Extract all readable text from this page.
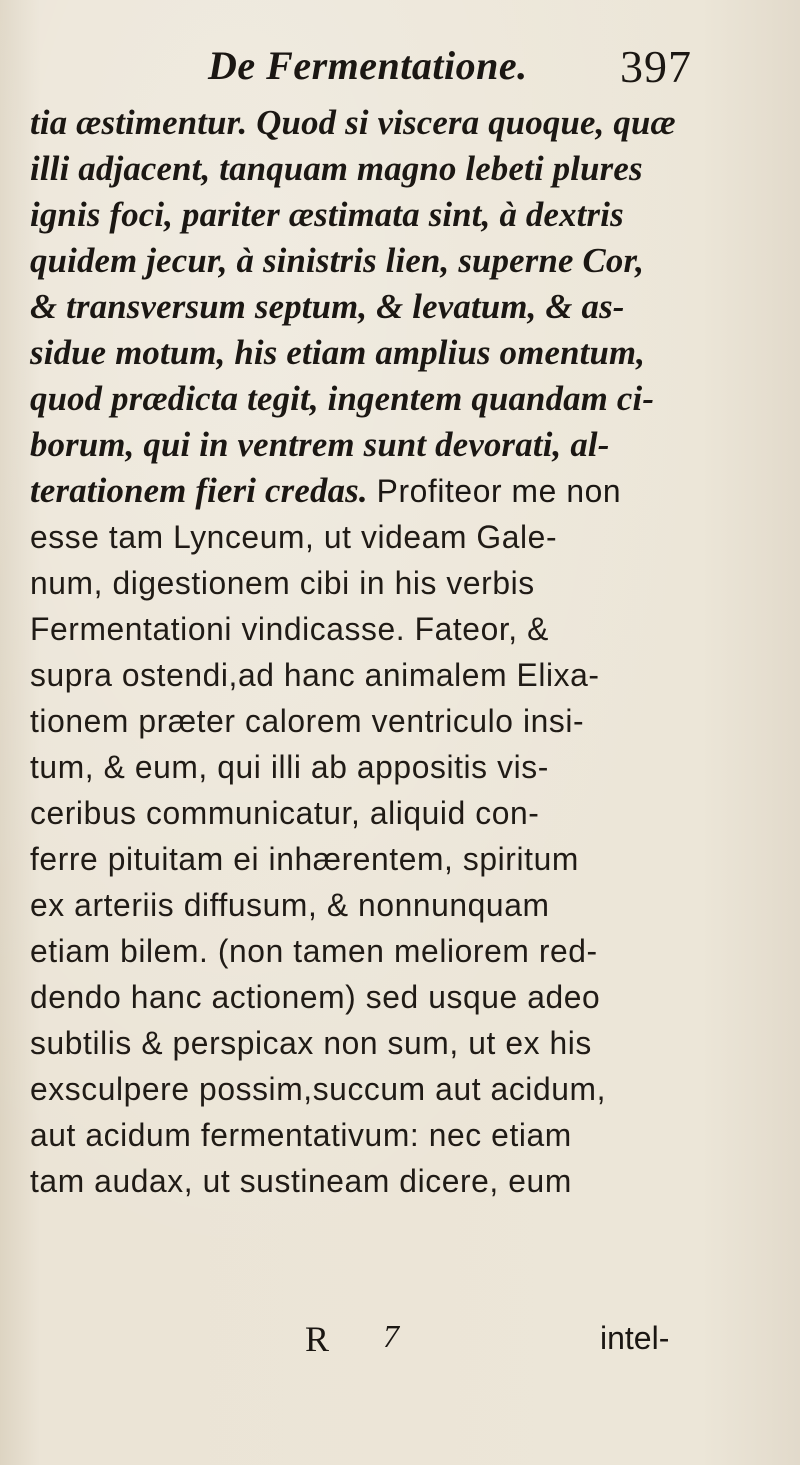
De Fermentatione. 397
tia æstimentur. Quod si viscera quoque, quæ
illi adjacent, tanquam magno lebeti plures
ignis foci, pariter æstimata sint, à dextris
quidem jecur, à sinistris lien, superne Cor,
& transversum septum, & levatum, & as-
sidue motum, his etiam amplius omentum,
quod prædicta tegit, ingentem quandam ci-
borum, qui in ventrem sunt devorati, al-
terationem fieri credas. Profiteor me non
esse tam Lynceum, ut videam Gale-
num, digestionem cibi in his verbis
Fermentationi vindicasse. Fateor, &
supra ostendi,ad hanc animalem Elixa-
tionem præter calorem ventriculo insi-
tum, & eum, qui illi ab appositis vis-
ceribus communicatur, aliquid con-
ferre pituitam ei inhærentem, spiritum
ex arteriis diffusum, & nonnunquam
etiam bilem. (non tamen meliorem red-
dendo hanc actionem) sed usque adeo
subtilis & perspicax non sum, ut ex his
exsculpere possim,succum aut acidum,
aut acidum fermentativum: nec etiam
tam audax, ut sustineam dicere, eum
R 7	intel-
